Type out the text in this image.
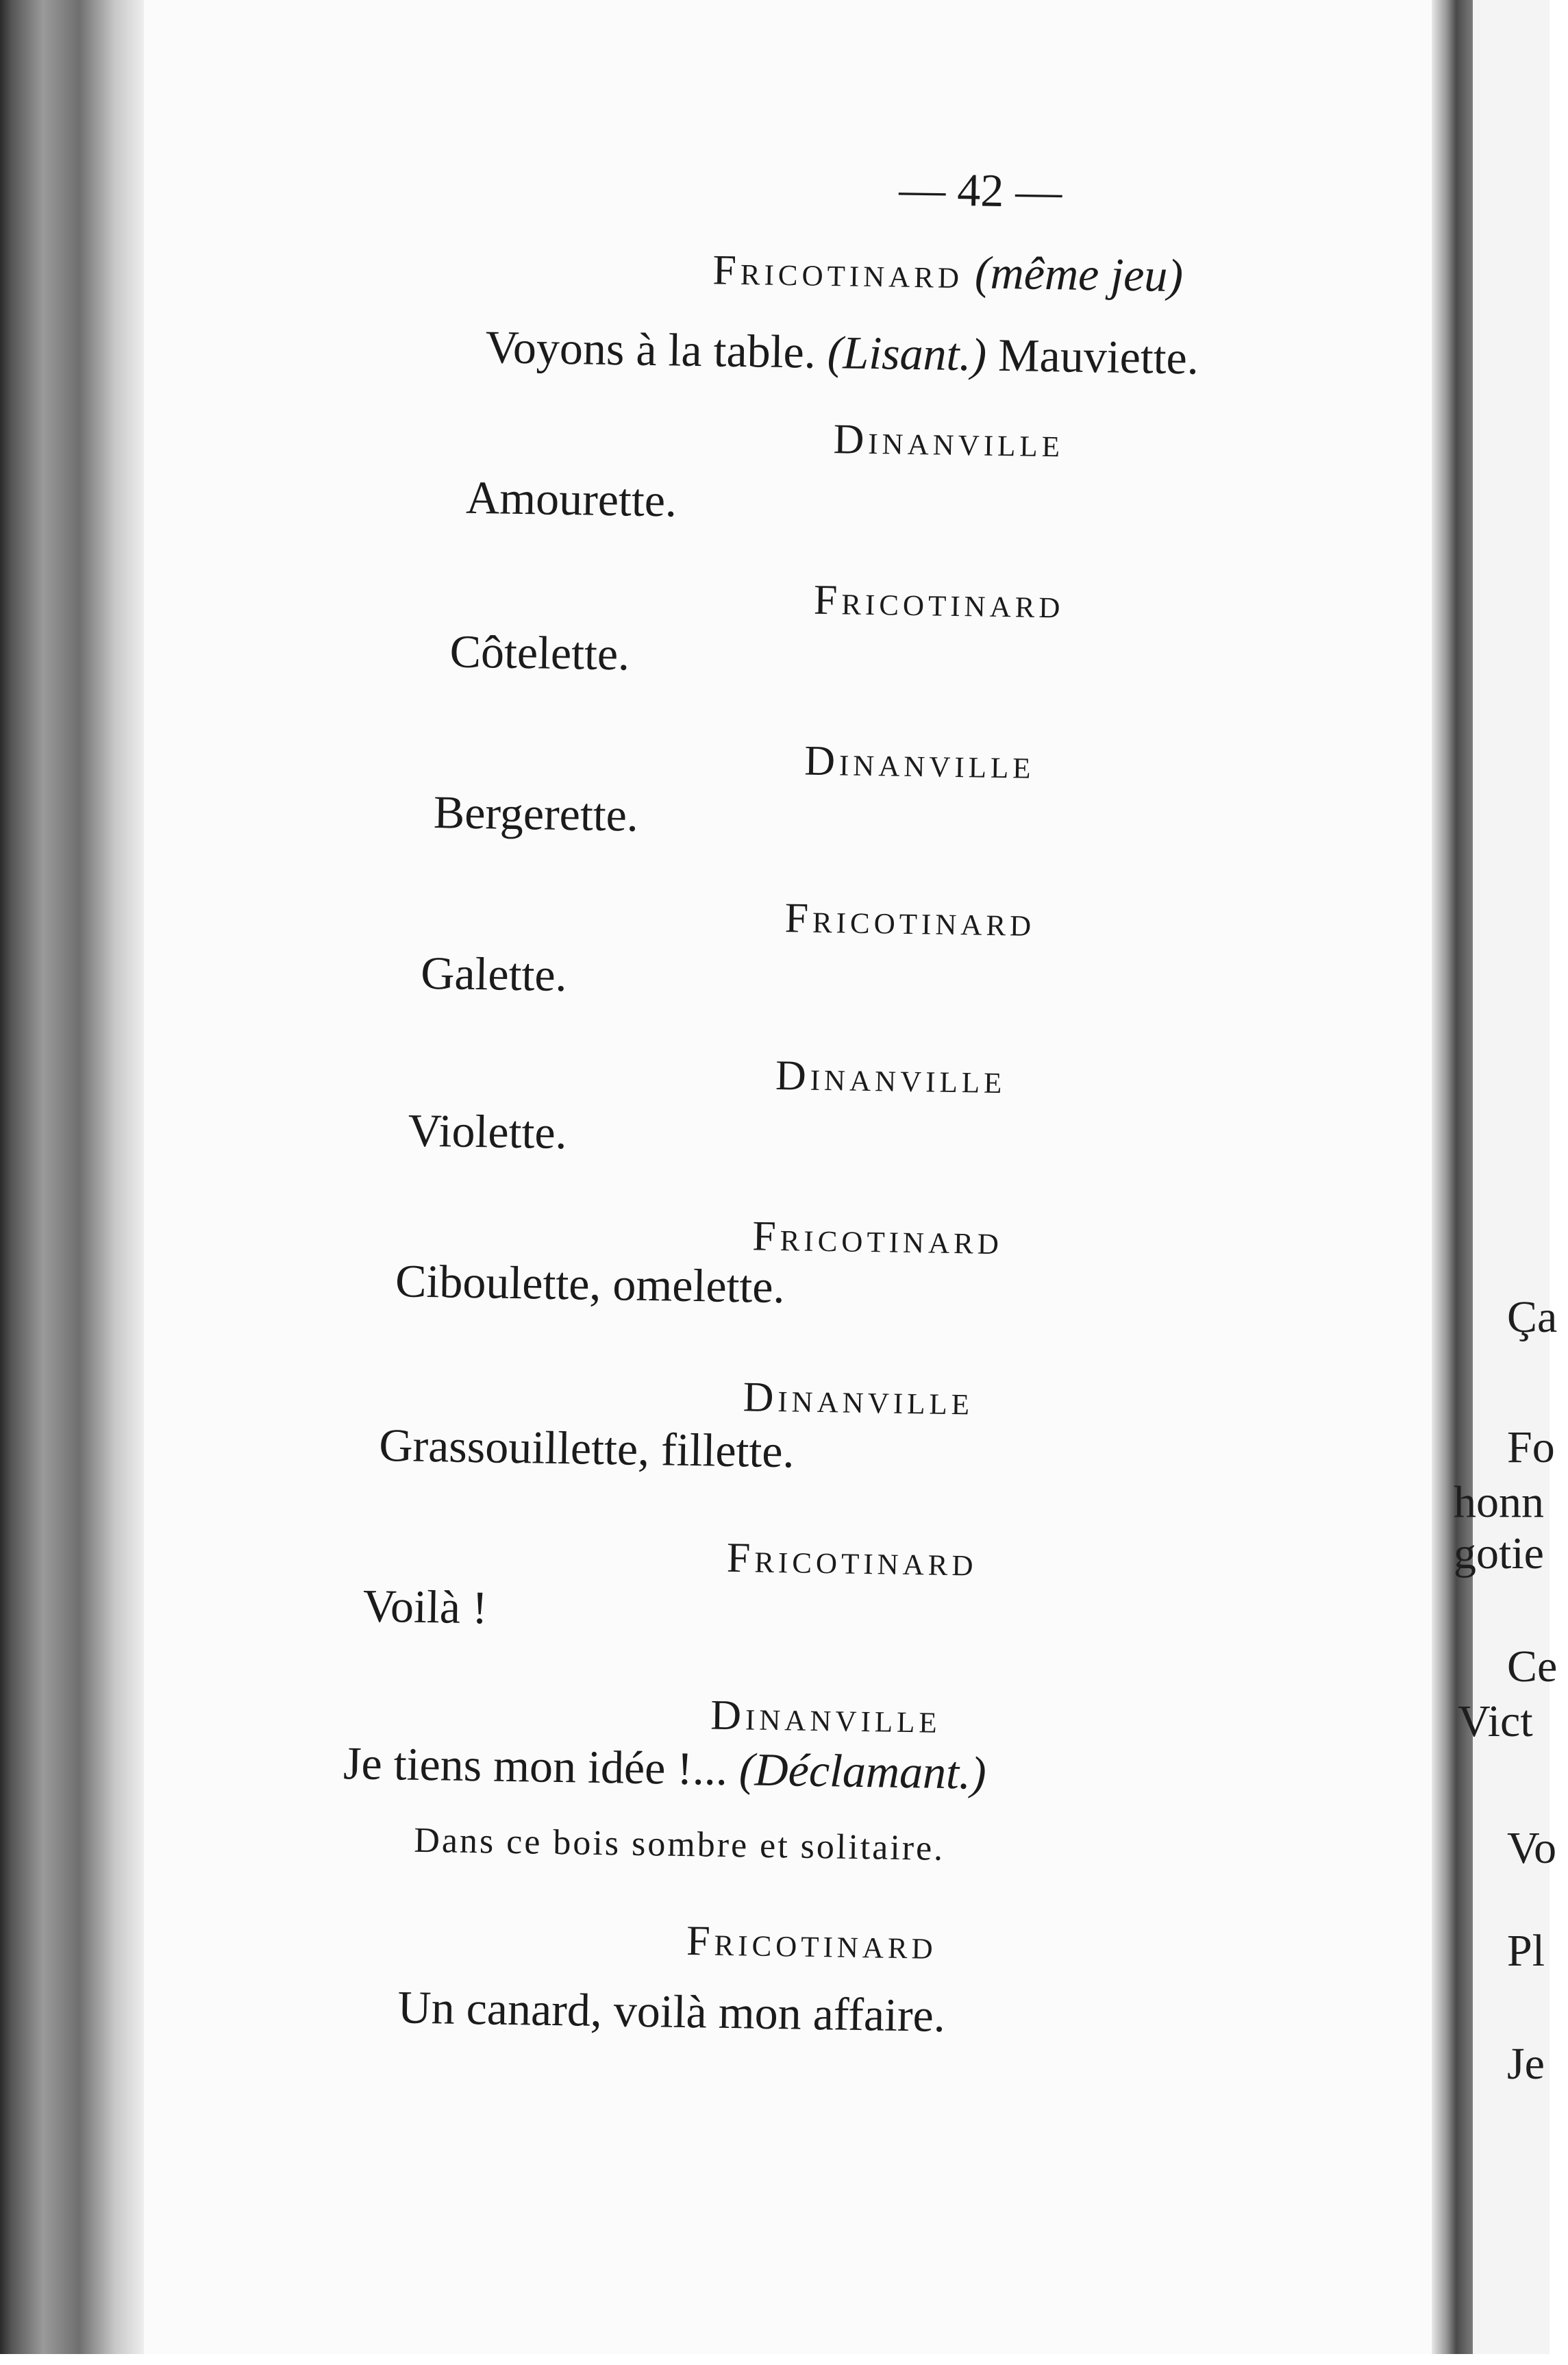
Ça
Fo
honn
gotie
Ce
Vict
Vo
Pl
Je
— 42 —
Fricotinard (même jeu)
Voyons à la table. (Lisant.) Mauviette.
Dinanville
Amourette.
Fricotinard
Côtelette.
Dinanville
Bergerette.
Fricotinard
Galette.
Dinanville
Violette.
Fricotinard
Ciboulette, omelette.
Dinanville
Grassouillette, fillette.
Fricotinard
Voilà !
Dinanville
Je tiens mon idée !... (Déclamant.)
Dans ce bois sombre et solitaire.
Fricotinard
Un canard, voilà mon affaire.
